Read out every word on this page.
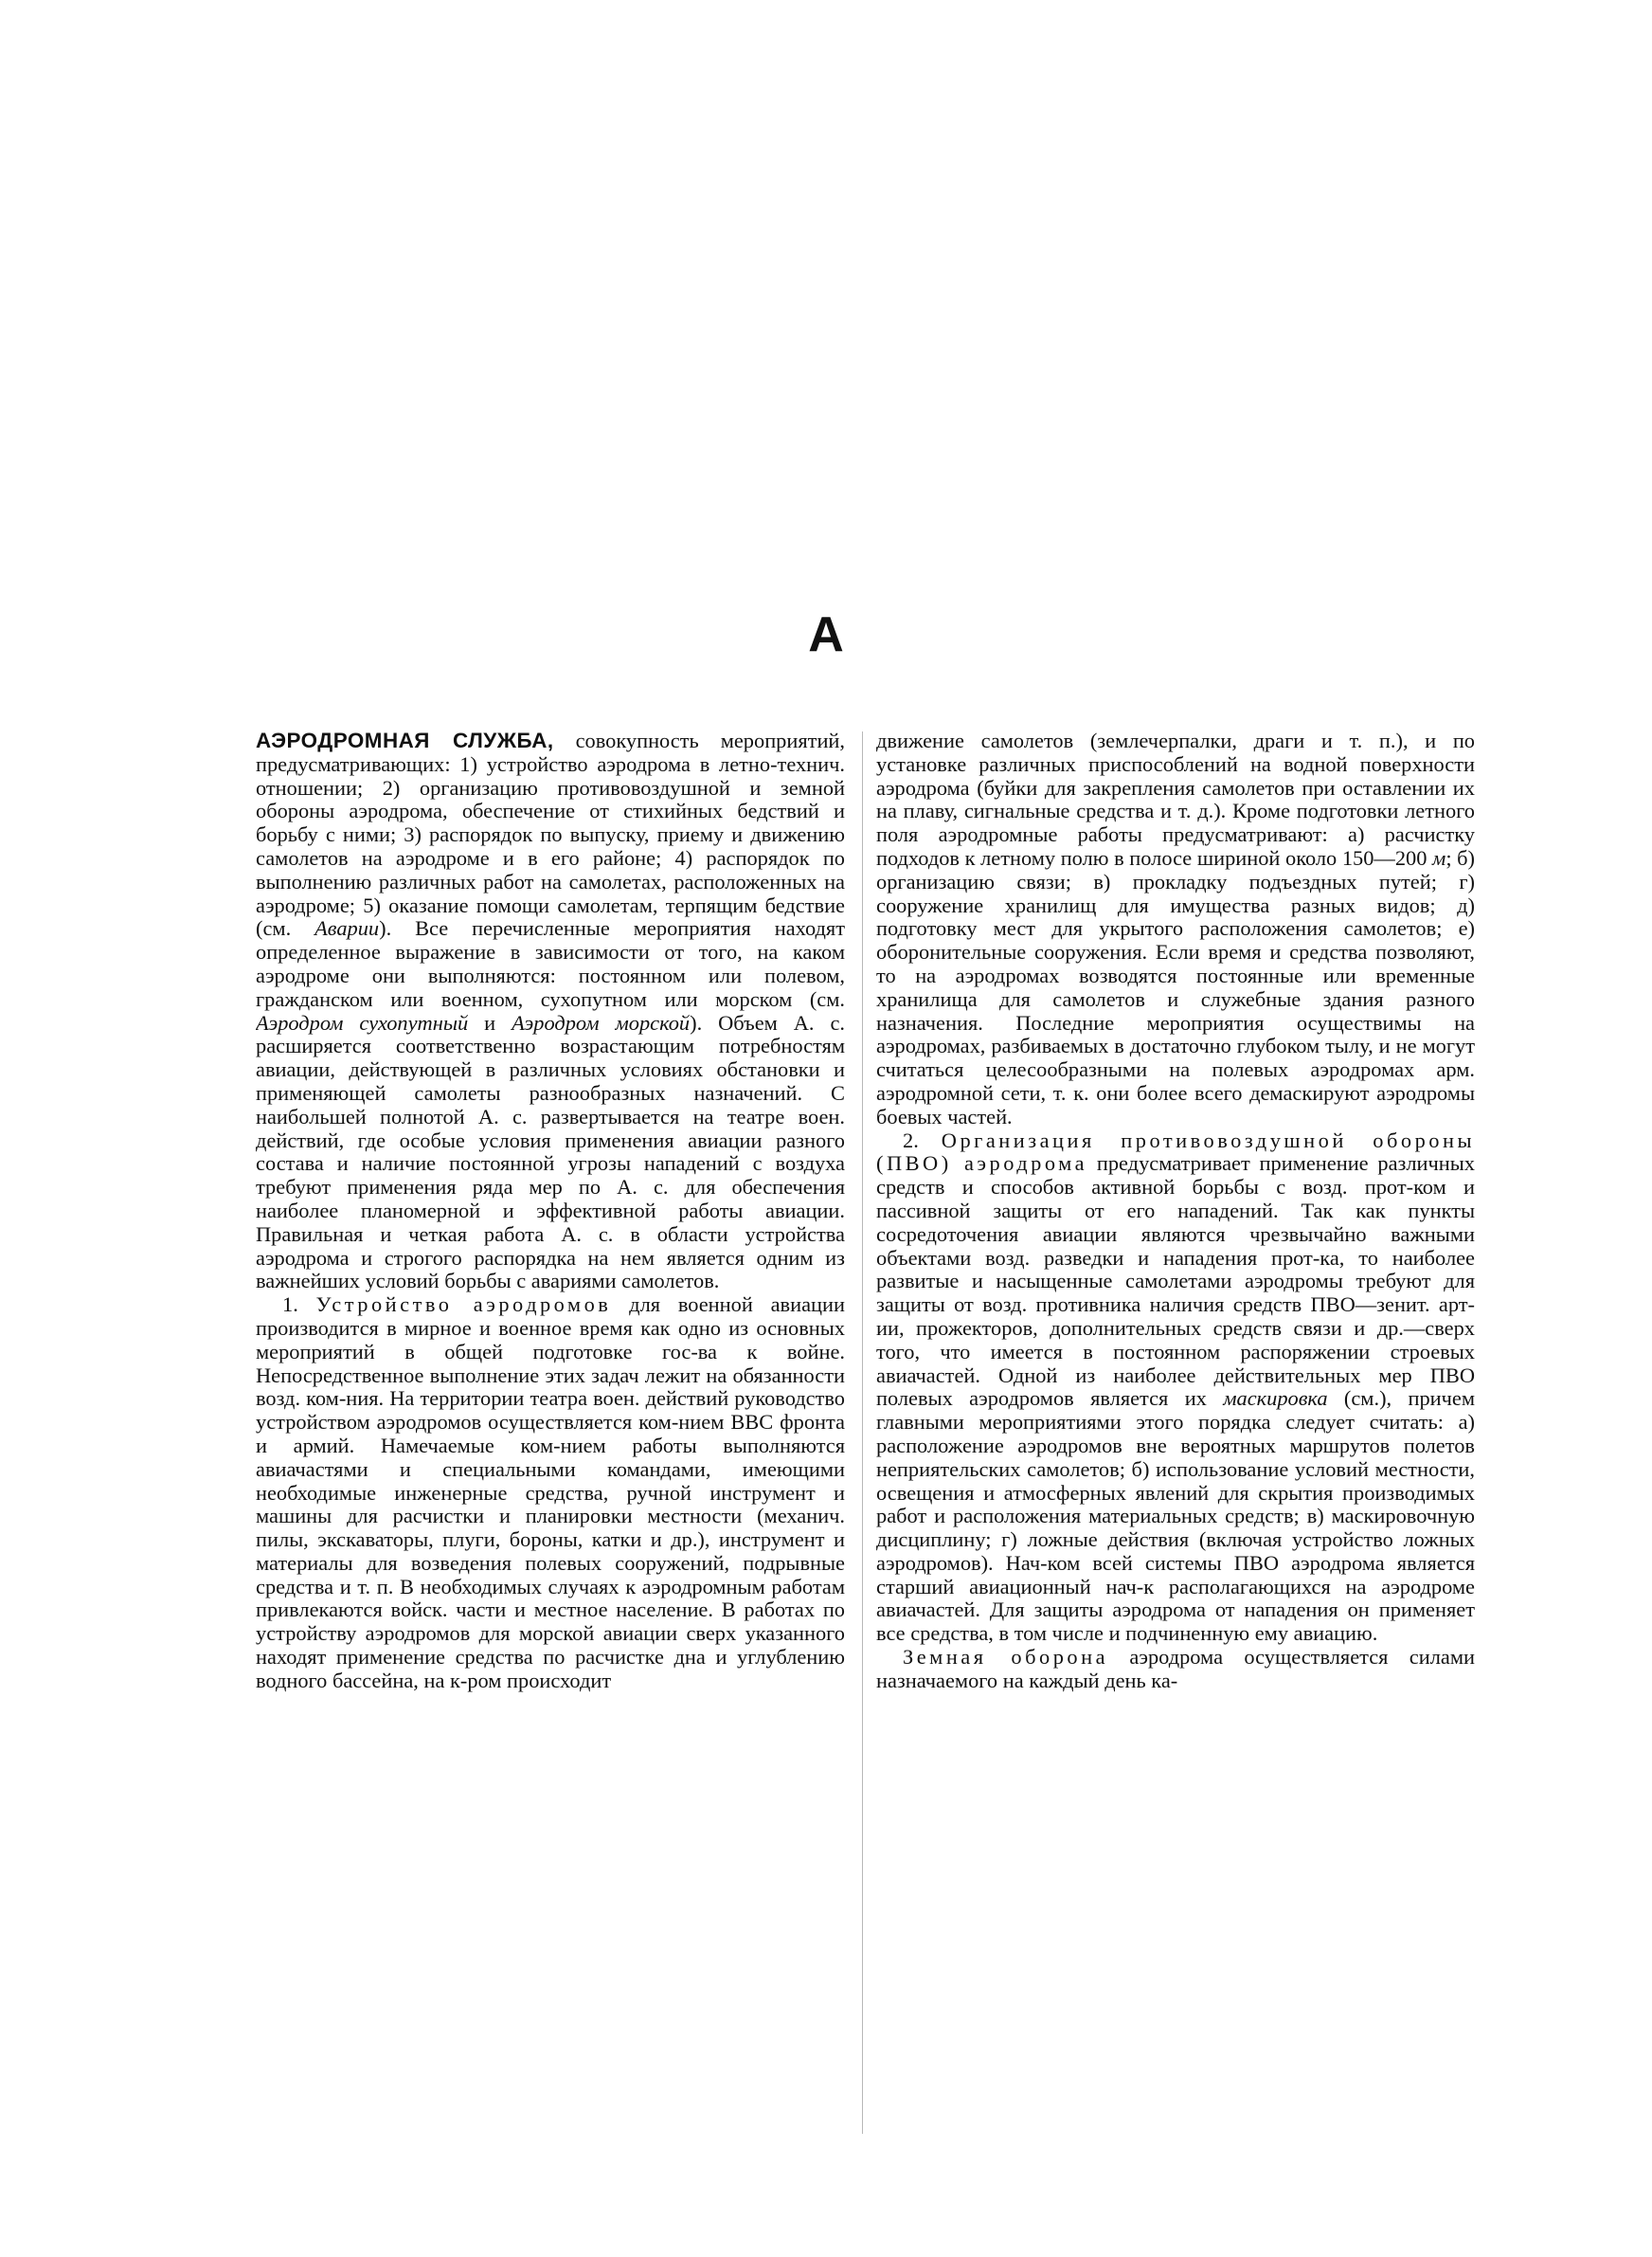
А

АЭРОДРОМНАЯ СЛУЖБА, совокупность мероприятий, предусматривающих: 1) устройство аэродрома в летно-технич. отношении; 2) организацию противовоздушной и земной обороны аэродрома, обеспечение от стихийных бедствий и борьбу с ними; 3) распорядок по выпуску, приему и движению самолетов на аэродроме и в его районе; 4) распорядок по выполнению различных работ на самолетах, расположенных на аэродроме; 5) оказание помощи самолетам, терпящим бедствие (см. Аварии). Все перечисленные мероприятия находят определенное выражение в зависимости от того, на каком аэродроме они выполняются: постоянном или полевом, гражданском или военном, сухопутном или морском (см. Аэродром сухопутный и Аэродром морской). Объем А. с. расширяется соответственно возрастающим потребностям авиации, действующей в различных условиях обстановки и применяющей самолеты разнообразных назначений. С наибольшей полнотой А. с. развертывается на театре воен. действий, где особые условия применения авиации разного состава и наличие постоянной угрозы нападений с воздуха требуют применения ряда мер по А. с. для обеспечения наиболее планомерной и эффективной работы авиации. Правильная и четкая работа А. с. в области устройства аэродрома и строгого распорядка на нем является одним из важнейших условий борьбы с авариями самолетов.

1. Устройство аэродромов для военной авиации производится в мирное и военное время как одно из основных мероприятий в общей подготовке гос-ва к войне. Непосредственное выполнение этих задач лежит на обязанности возд. ком-ния. На территории театра воен. действий руководство устройством аэродромов осуществляется ком-нием ВВС фронта и армий. Намечаемые ком-нием работы выполняются авиачастями и специальными командами, имеющими необходимые инженерные средства, ручной инструмент и машины для расчистки и планировки местности (механич. пилы, экскаваторы, плуги, бороны, катки и др.), инструмент и материалы для возведения полевых сооружений, подрывные средства и т. п. В необходимых случаях к аэродромным работам привлекаются войск. части и местное население. В работах по устройству аэродромов для морской авиации сверх указанного находят применение средства по расчистке дна и углублению водного бассейна, на к-ром происходит

движение самолетов (землечерпалки, драги и т. п.), и по установке различных приспособлений на водной поверхности аэродрома (буйки для закрепления самолетов при оставлении их на плаву, сигнальные средства и т. д.). Кроме подготовки летного поля аэродромные работы предусматривают: а) расчистку подходов к летному полю в полосе шириной около 150—200 м; б) организацию связи; в) прокладку подъездных путей; г) сооружение хранилищ для имущества разных видов; д) подготовку мест для укрытого расположения самолетов; е) оборонительные сооружения. Если время и средства позволяют, то на аэродромах возводятся постоянные или временные хранилища для самолетов и служебные здания разного назначения. Последние мероприятия осуществимы на аэродромах, разбиваемых в достаточно глубоком тылу, и не могут считаться целесообразными на полевых аэродромах арм. аэродромной сети, т. к. они более всего демаскируют аэродромы боевых частей.

2. Организация противовоздушной обороны (ПВО) аэродрома предусматривает применение различных средств и способов активной борьбы с возд. прот-ком и пассивной защиты от его нападений. Так как пункты сосредоточения авиации являются чрезвычайно важными объектами возд. разведки и нападения прот-ка, то наиболее развитые и насыщенные самолетами аэродромы требуют для защиты от возд. противника наличия средств ПВО—зенит. арт-ии, прожекторов, дополнительных средств связи и др.—сверх того, что имеется в постоянном распоряжении строевых авиачастей. Одной из наиболее действительных мер ПВО полевых аэродромов является их маскировка (см.), причем главными мероприятиями этого порядка следует считать: а) расположение аэродромов вне вероятных маршрутов полетов неприятельских самолетов; б) использование условий местности, освещения и атмосферных явлений для скрытия производимых работ и расположения материальных средств; в) маскировочную дисциплину; г) ложные действия (включая устройство ложных аэродромов). Нач-ком всей системы ПВО аэродрома является старший авиационный нач-к располагающихся на аэродроме авиачастей. Для защиты аэродрома от нападения он применяет все средства, в том числе и подчиненную ему авиацию.

Земная оборона аэродрома осуществляется силами назначаемого на каждый день ка-
